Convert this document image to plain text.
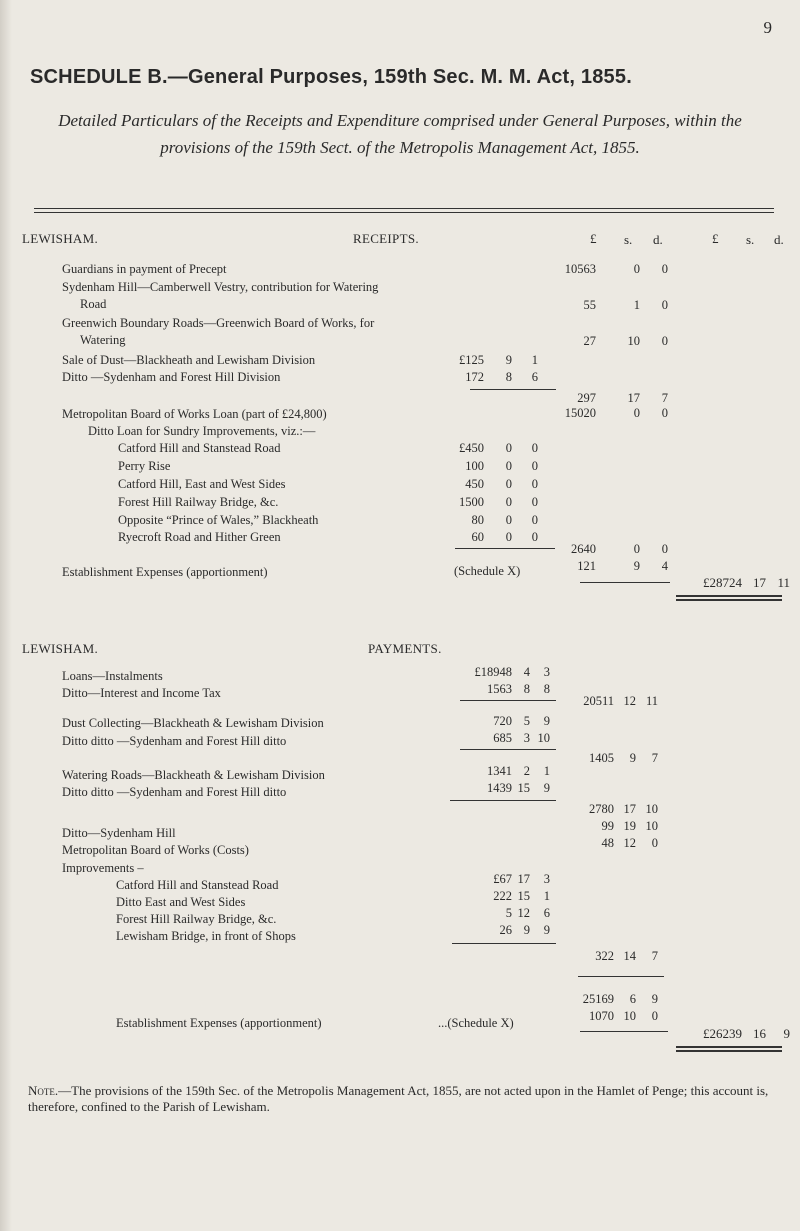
9
SCHEDULE B.—General Purposes, 159th Sec. M. M. Act, 1855.
Detailed Particulars of the Receipts and Expenditure comprised under General Purposes, within the provisions of the 159th Sect. of the Metropolis Management Act, 1855.
LEWISHAM.	RECEIPTS.	£ s. d.	£ s. d.
Guardians in payment of Precept	10563	0	0
Sydenham Hill—Camberwell Vestry, contribution for Watering
Road	55	1	0
Greenwich Boundary Roads—Greenwich Board of Works, for
Watering	27	10	0
Sale of Dust—Blackheath and Lewisham Division	£125	9	1
Ditto —Sydenham and Forest Hill Division	172	8	6
297	17	7
Metropolitan Board of Works Loan (part of £24,800)	15020	0	0
Ditto Loan for Sundry Improvements, viz.:—
Catford Hill and Stanstead Road	£450	0	0
Perry Rise	100	0	0
Catford Hill, East and West Sides	450	0	0
Forest Hill Railway Bridge, &c.	1500	0	0
Opposite “Prince of Wales,” Blackheath	80	0	0
Ryecroft Road and Hither Green	60	0	0
2640	0	0
Establishment Expenses (apportionment)	(Schedule X)	121	9	4
£28724 17 11
LEWISHAM.	PAYMENTS.
Loans—Instalments	£18948 4	3
Ditto—Interest and Income Tax	1563 8	8
20511 12 11
Dust Collecting—Blackheath & Lewisham Division	720 5	9
Ditto ditto —Sydenham and Forest Hill ditto	685 3 10
1405	9	7
Watering Roads—Blackheath & Lewisham Division	1341 2	1
Ditto ditto —Sydenham and Forest Hill ditto	1439 15	9
2780 17 10
Ditto—Sydenham Hill	99 19 10
Metropolitan Board of Works (Costs)	48 12	0
Improvements –
Catford Hill and Stanstead Road	£67 17	3
Ditto East and West Sides	222 15	1
Forest Hill Railway Bridge, &c.	5 12	6
Lewisham Bridge, in front of Shops	26 9	9
322 14	7
25169	6	9
Establishment Expenses (apportionment)	...(Schedule X)	1070 10	0
£26239 16	9
Note.—The provisions of the 159th Sec. of the Metropolis Management Act, 1855, are not acted upon in the Hamlet of Penge; this account is, therefore, confined to the Parish of Lewisham.
